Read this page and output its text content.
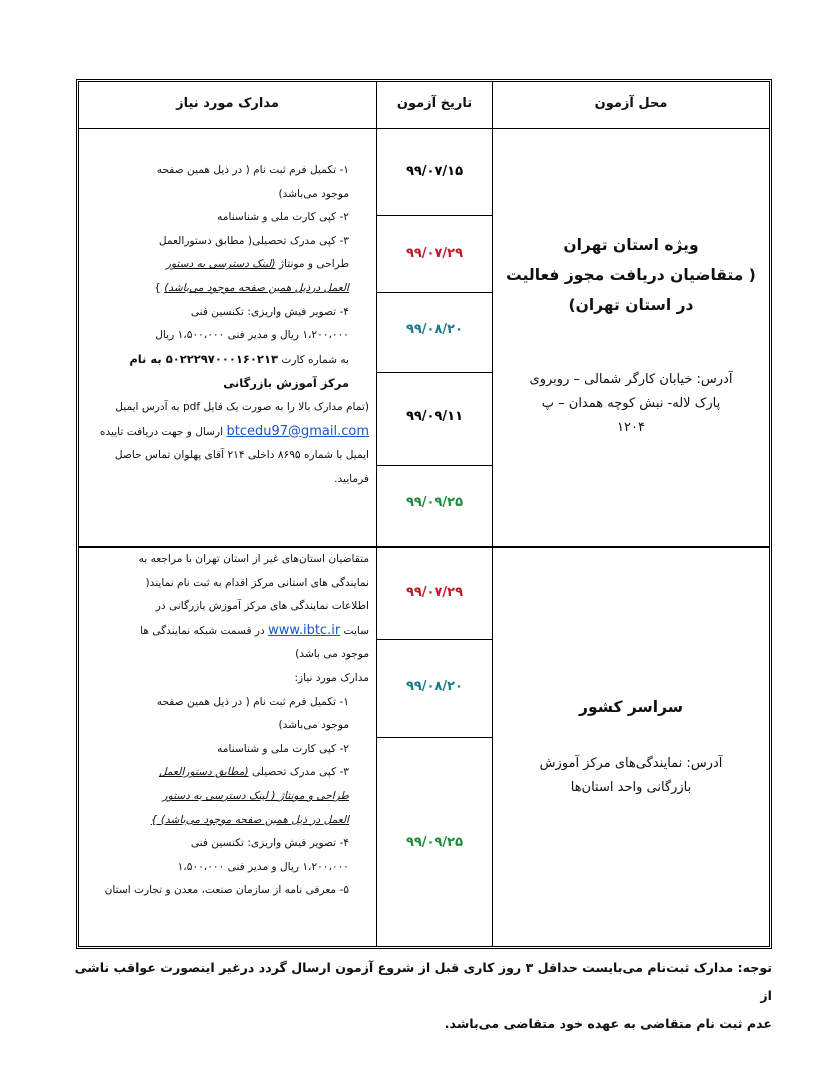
محل آزمون
تاریخ آزمون
مدارک مورد نیاز
۹۹/۰۷/۱۵
۹۹/۰۷/۲۹
۹۹/۰۸/۲۰
۹۹/۰۹/۱۱
۹۹/۰۹/۲۵
ویژه استان تهران
( متقاضیان دریافت مجوز فعالیت
در استان تهران)
آدرس: خیابان کارگر شمالی – روبروی
پارک لاله- نبش کوچه همدان – پ
۱۲۰۴
۱- تکمیل فرم ثبت نام ( در ذیل همین صفحه
موجود می‌باشد)
۲- کپی کارت ملی و شناسنامه
۳- کپی مدرک تحصیلی( مطابق دستورالعمل
طراحی و مونتاژ (لینک دسترسی به دستور
العمل درذیل همین صفحه موجود می‌باشد) }
۴- تصویر فیش واریزی: تکنسین فنی
۱،۲۰۰،۰۰۰ ریال و مدیر فنی ۱،۵۰۰،۰۰۰ ریال
به شماره کارت ۵۰۲۲۲۹۷۰۰۰۱۶۰۲۱۳ به نام
مرکز آموزش بازرگانی
(تمام مدارک بالا را به صورت یک فایل pdf به آدرس ایمیل
btcedu97@gmail.com ارسال و جهت دریافت تاییده
ایمیل با شماره ۸۶۹۵ داخلی ۲۱۴ آقای پهلوان تماس حاصل
فرمایید.
۹۹/۰۷/۲۹
۹۹/۰۸/۲۰
۹۹/۰۹/۲۵
سراسر کشور
آدرس: نمایندگی‌های مرکز آموزش
بازرگانی واحد استان‌ها
متقاضیان استان‌های غیر از استان تهران با مراجعه به
نمایندگی های استانی مرکز اقدام به ثبت نام نمایند(
اطلاعات نمایندگی های مرکز آموزش بازرگانی در
سایت www.ibtc.ir در قسمت شبکه نمایندگی ها
موجود می باشد)
مدارک مورد نیاز:
۱- تکمیل فرم ثبت نام ( در ذیل همین صفحه
موجود می‌باشد)
۲- کپی کارت ملی و شناسنامه
۳- کپی مدرک تحصیلی (مطابق دستورالعمل
طراحی و مونتاژ ( لینک دسترسی به دستور
العمل در ذیل همین صفحه موجود می‌باشد) }
۴- تصویر فیش واریزی: تکنسین فنی
۱،۲۰۰،۰۰۰ ریال و مدیر فنی ۱،۵۰۰،۰۰۰
۵- معرفی نامه از سازمان صنعت، معدن و تجارت استان
توجه: مدارک ثبت‌نام می‌بایست حداقل ۳ روز کاری قبل از شروع آزمون ارسال گردد درغیر اینصورت عواقب ناشی از
عدم ثبت نام متقاضی به عهده خود متقاضی می‌باشد.
